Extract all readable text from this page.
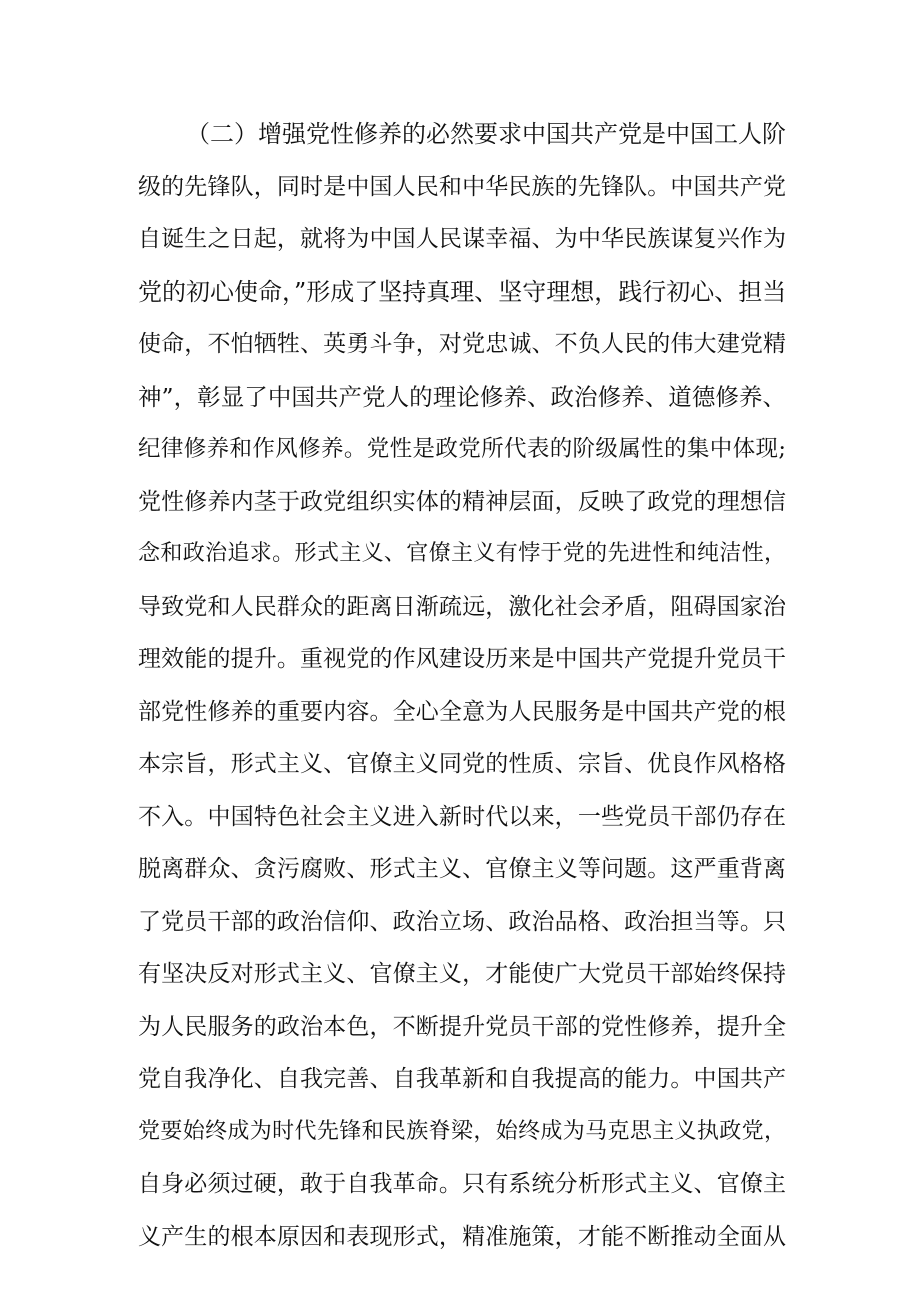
（二）增强党性修养的必然要求中国共产党是中国工人阶
级的先锋队，同时是中国人民和中华民族的先锋队。中国共产党
自诞生之日起，就将为中国人民谋幸福、为中华民族谋复兴作为
党的初心使命，”形成了坚持真理、坚守理想，践行初心、担当
使命，不怕牺牲、英勇斗争，对党忠诚、不负人民的伟大建党精
神”，彰显了中国共产党人的理论修养、政治修养、道德修养、
纪律修养和作风修养。党性是政党所代表的阶级属性的集中体现;
党性修养内茎于政党组织实体的精神层面，反映了政党的理想信
念和政治追求。形式主义、官僚主义有悖于党的先进性和纯洁性，
导致党和人民群众的距离日渐疏远，激化社会矛盾，阻碍国家治
理效能的提升。重视党的作风建设历来是中国共产党提升党员干
部党性修养的重要内容。全心全意为人民服务是中国共产党的根
本宗旨，形式主义、官僚主义同党的性质、宗旨、优良作风格格
不入。中国特色社会主义进入新时代以来，一些党员干部仍存在
脱离群众、贪污腐败、形式主义、官僚主义等问题。这严重背离
了党员干部的政治信仰、政治立场、政治品格、政治担当等。只
有坚决反对形式主义、官僚主义，才能使广大党员干部始终保持
为人民服务的政治本色，不断提升党员干部的党性修养，提升全
党自我净化、自我完善、自我革新和自我提高的能力。中国共产
党要始终成为时代先锋和民族脊梁，始终成为马克思主义执政党，
自身必须过硬，敢于自我革命。只有系统分析形式主义、官僚主
义产生的根本原因和表现形式，精准施策，才能不断推动全面从
